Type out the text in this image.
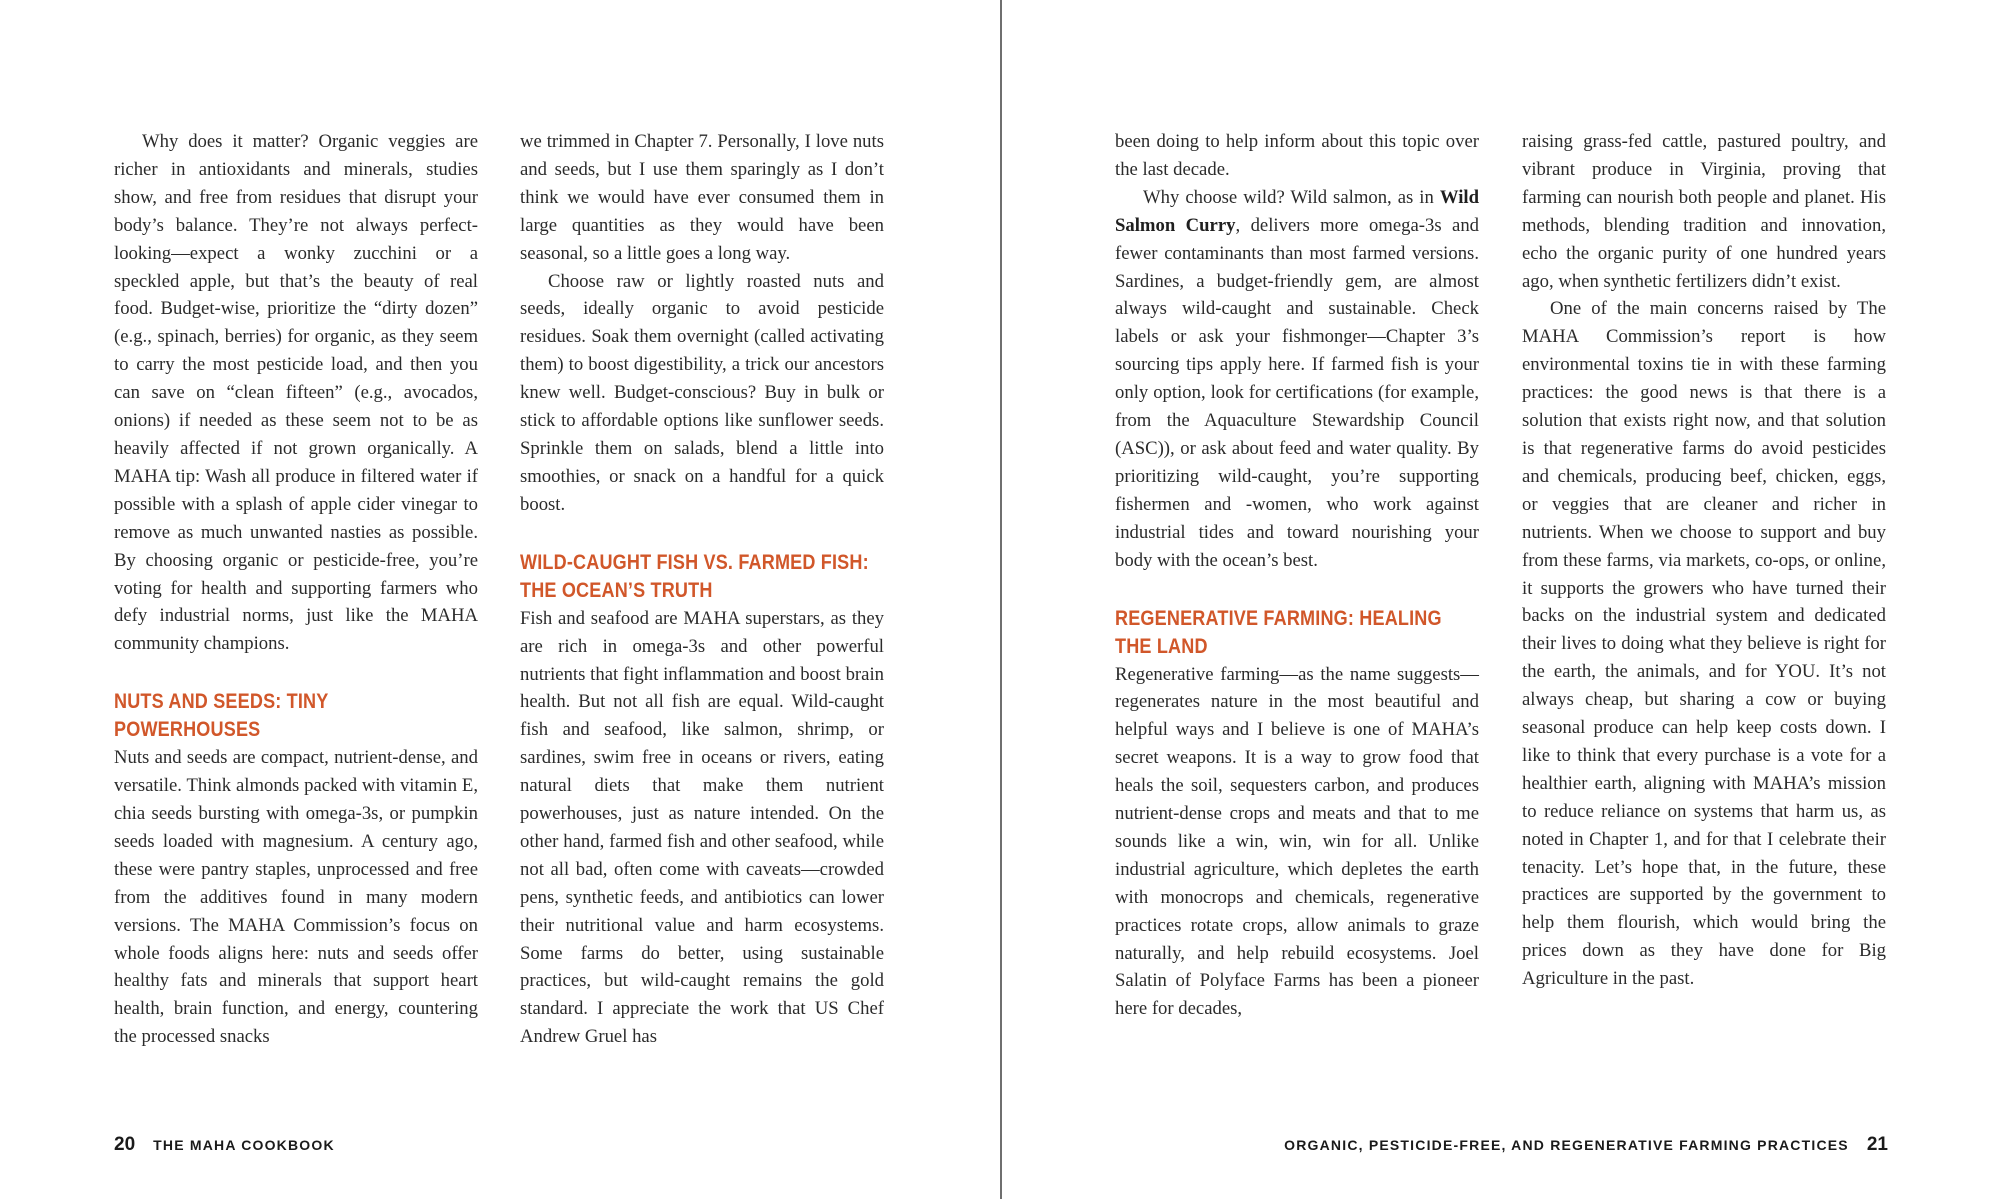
Why does it matter? Organic veggies are richer in antioxidants and minerals, studies show, and free from residues that disrupt your body’s balance. They’re not always perfect-looking—expect a wonky zucchini or a speckled apple, but that’s the beauty of real food. Budget-wise, prioritize the “dirty dozen” (e.g., spinach, berries) for organic, as they seem to carry the most pesticide load, and then you can save on “clean fifteen” (e.g., avocados, onions) if needed as these seem not to be as heavily affected if not grown organically. A MAHA tip: Wash all produce in filtered water if possible with a splash of apple cider vinegar to remove as much unwanted nasties as possible. By choosing organic or pesticide-free, you’re voting for health and supporting farmers who defy industrial norms, just like the MAHA community champions.

NUTS AND SEEDS: TINY POWERHOUSES

Nuts and seeds are compact, nutrient-dense, and versatile. Think almonds packed with vitamin E, chia seeds bursting with omega-3s, or pumpkin seeds loaded with magnesium. A century ago, these were pantry staples, unprocessed and free from the additives found in many modern versions. The MAHA Commission’s focus on whole foods aligns here: nuts and seeds offer healthy fats and minerals that support heart health, brain function, and energy, countering the processed snacks

we trimmed in Chapter 7. Personally, I love nuts and seeds, but I use them sparingly as I don’t think we would have ever consumed them in large quantities as they would have been seasonal, so a little goes a long way.

Choose raw or lightly roasted nuts and seeds, ideally organic to avoid pesticide residues. Soak them overnight (called activating them) to boost digestibility, a trick our ancestors knew well. Budget-conscious? Buy in bulk or stick to affordable options like sunflower seeds. Sprinkle them on salads, blend a little into smoothies, or snack on a handful for a quick boost.

WILD-CAUGHT FISH VS. FARMED FISH:
THE OCEAN’S TRUTH

Fish and seafood are MAHA superstars, as they are rich in omega-3s and other powerful nutrients that fight inflammation and boost brain health. But not all fish are equal. Wild-caught fish and seafood, like salmon, shrimp, or sardines, swim free in oceans or rivers, eating natural diets that make them nutrient powerhouses, just as nature intended. On the other hand, farmed fish and other seafood, while not all bad, often come with caveats—crowded pens, synthetic feeds, and antibiotics can lower their nutritional value and harm ecosystems. Some farms do better, using sustainable practices, but wild-caught remains the gold standard. I appreciate the work that US Chef Andrew Gruel has

20 THE MAHA COOKBOOK

been doing to help inform about this topic over the last decade.

Why choose wild? Wild salmon, as in Wild Salmon Curry, delivers more omega-3s and fewer contaminants than most farmed versions. Sardines, a budget-friendly gem, are almost always wild-caught and sustainable. Check labels or ask your fishmonger—Chapter 3’s sourcing tips apply here. If farmed fish is your only option, look for certifications (for example, from the Aquaculture Stewardship Council (ASC)), or ask about feed and water quality. By prioritizing wild-caught, you’re supporting fishermen and -women, who work against industrial tides and toward nourishing your body with the ocean’s best.

REGENERATIVE FARMING: HEALING
THE LAND

Regenerative farming—as the name suggests—regenerates nature in the most beautiful and helpful ways and I believe is one of MAHA’s secret weapons. It is a way to grow food that heals the soil, sequesters carbon, and produces nutrient-dense crops and meats and that to me sounds like a win, win, win for all. Unlike industrial agriculture, which depletes the earth with monocrops and chemicals, regenerative practices rotate crops, allow animals to graze naturally, and help rebuild ecosystems. Joel Salatin of Polyface Farms has been a pioneer here for decades,

raising grass-fed cattle, pastured poultry, and vibrant produce in Virginia, proving that farming can nourish both people and planet. His methods, blending tradition and innovation, echo the organic purity of one hundred years ago, when synthetic fertilizers didn’t exist.

One of the main concerns raised by The MAHA Commission’s report is how environmental toxins tie in with these farming practices: the good news is that there is a solution that exists right now, and that solution is that regenerative farms do avoid pesticides and chemicals, producing beef, chicken, eggs, or veggies that are cleaner and richer in nutrients. When we choose to support and buy from these farms, via markets, co-ops, or online, it supports the growers who have turned their backs on the industrial system and dedicated their lives to doing what they believe is right for the earth, the animals, and for YOU. It’s not always cheap, but sharing a cow or buying seasonal produce can help keep costs down. I like to think that every purchase is a vote for a healthier earth, aligning with MAHA’s mission to reduce reliance on systems that harm us, as noted in Chapter 1, and for that I celebrate their tenacity. Let’s hope that, in the future, these practices are supported by the government to help them flourish, which would bring the prices down as they have done for Big Agriculture in the past.

ORGANIC, PESTICIDE-FREE, AND REGENERATIVE FARMING PRACTICES 21
